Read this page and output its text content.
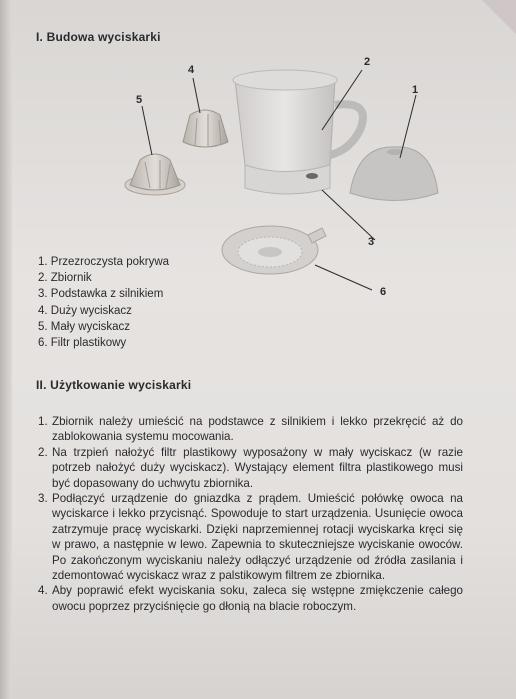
I. Budowa wyciskarki
2
1
3
4
5
6
1. Przezroczysta pokrywa
2. Zbiornik
3. Podstawka z silnikiem
4. Duży wyciskacz
5. Mały wyciskacz
6. Filtr plastikowy
II. Użytkowanie wyciskarki
1. Zbiornik należy umieścić na podstawce z silnikiem i lekko przekręcić aż do zablokowania systemu mocowania.
2. Na trzpień nałożyć filtr plastikowy wyposażony w mały wyciskacz (w razie potrzeb nałożyć duży wyciskacz). Wystający element filtra plastikowego musi być dopasowany do uchwytu zbiornika.
3. Podłączyć urządzenie do gniazdka z prądem. Umieścić połówkę owoca na wyciskarce i lekko przycisnąć. Spowoduje to start urządzenia. Usunięcie owoca zatrzymuje pracę wyciskarki. Dzięki naprzemiennej rotacji wyciskarka kręci się w prawo, a następnie w lewo. Zapewnia to skuteczniejsze wyciskanie owoców. Po zakończonym wyciskaniu należy odłączyć urządzenie od źródła zasilania i zdemontować wyciskacz wraz z palstikowym filtrem ze zbiornika.
4. Aby poprawić efekt wyciskania soku, zaleca się wstępne zmiękczenie całego owocu poprzez przyciśnięcie go dłonią na blacie roboczym.
